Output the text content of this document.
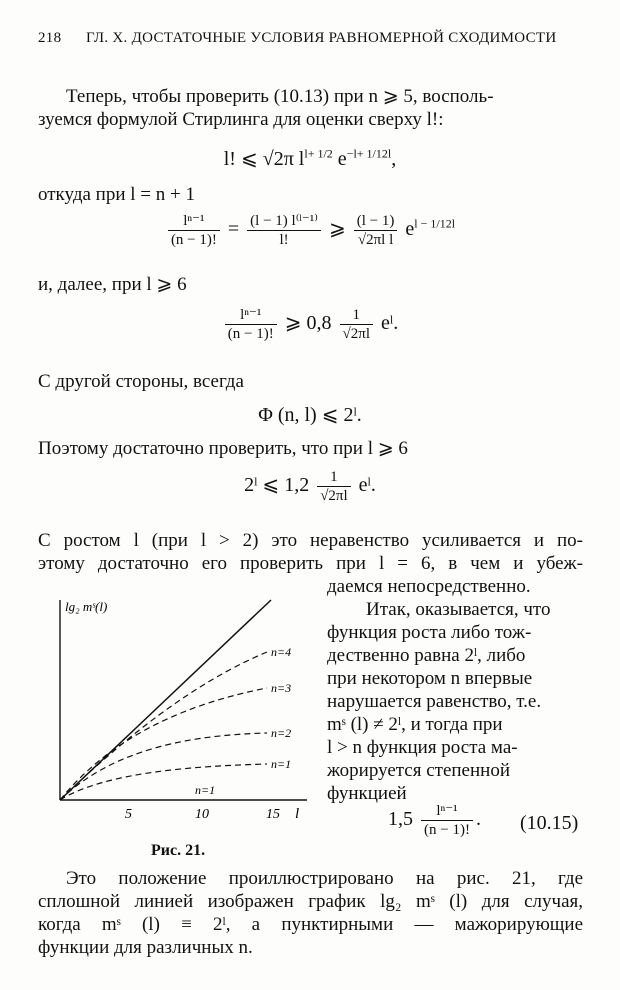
218 ГЛ. X. ДОСТАТОЧНЫЕ УСЛОВИЯ РАВНОМЕРНОЙ СХОДИМОСТИ
Теперь, чтобы проверить (10.13) при n ⩾ 5, восполь-
зуемся формулой Стирлинга для оценки сверху l!:
l! ⩽ √2π $l^{l+ 1/2}$ $e^{-l+ 1/12l}$,
откуда при l = n + 1
$\frac{\text{lⁿ⁻¹}}{(n - 1)!} = \frac{\text{(l − 1) l⁽ˡ⁻¹⁾}}{l!}$ ⩾ $\frac{(l - 1)}{\text{√2πl l}} e^{l - 1/12l}$
и, далее, при l ⩾ 6
$\frac{\text{lⁿ⁻¹}}{(n - 1)!}$ ⩾ $0,8 \frac{1}{√2\pi l}$ eˡ.
С другой стороны, всегда
Φ (n, l) ⩽ 2ˡ.
Поэтому достаточно проверить, что при l ⩾ 6
2ˡ ⩽ $1,2 \frac{1}{√2\pi l}$ eˡ.
С ростом l (при l > 2) это неравенство усиливается и по-
этому достаточно его проверить при l = 6, в чем и убеж-
даемся непосредственно.
lg₂ mˢ(l)
n=4
n=3
n=2
n=1
n=1
5	10	15 l
Рис. 21.
Итак, оказывается, что
функция роста либо тож-
дественно равна 2ˡ, либо
при некотором n впервые
нарушается равенство, т.е.
mˢ (l) ≠ 2ˡ, и тогда при
l > n функция роста ма-
жорируется степенной
функцией
$1,5 \frac{\text{lⁿ⁻¹}}{(n - 1)!}$ . (10.15)
Это положение проиллюстрировано на рис. 21, где
сплошной линией изображен график lg₂ mˢ (l) для случая,
когда mˢ (l) ≡ 2ˡ, а пунктирными — мажорирующие
функции для различных n.
